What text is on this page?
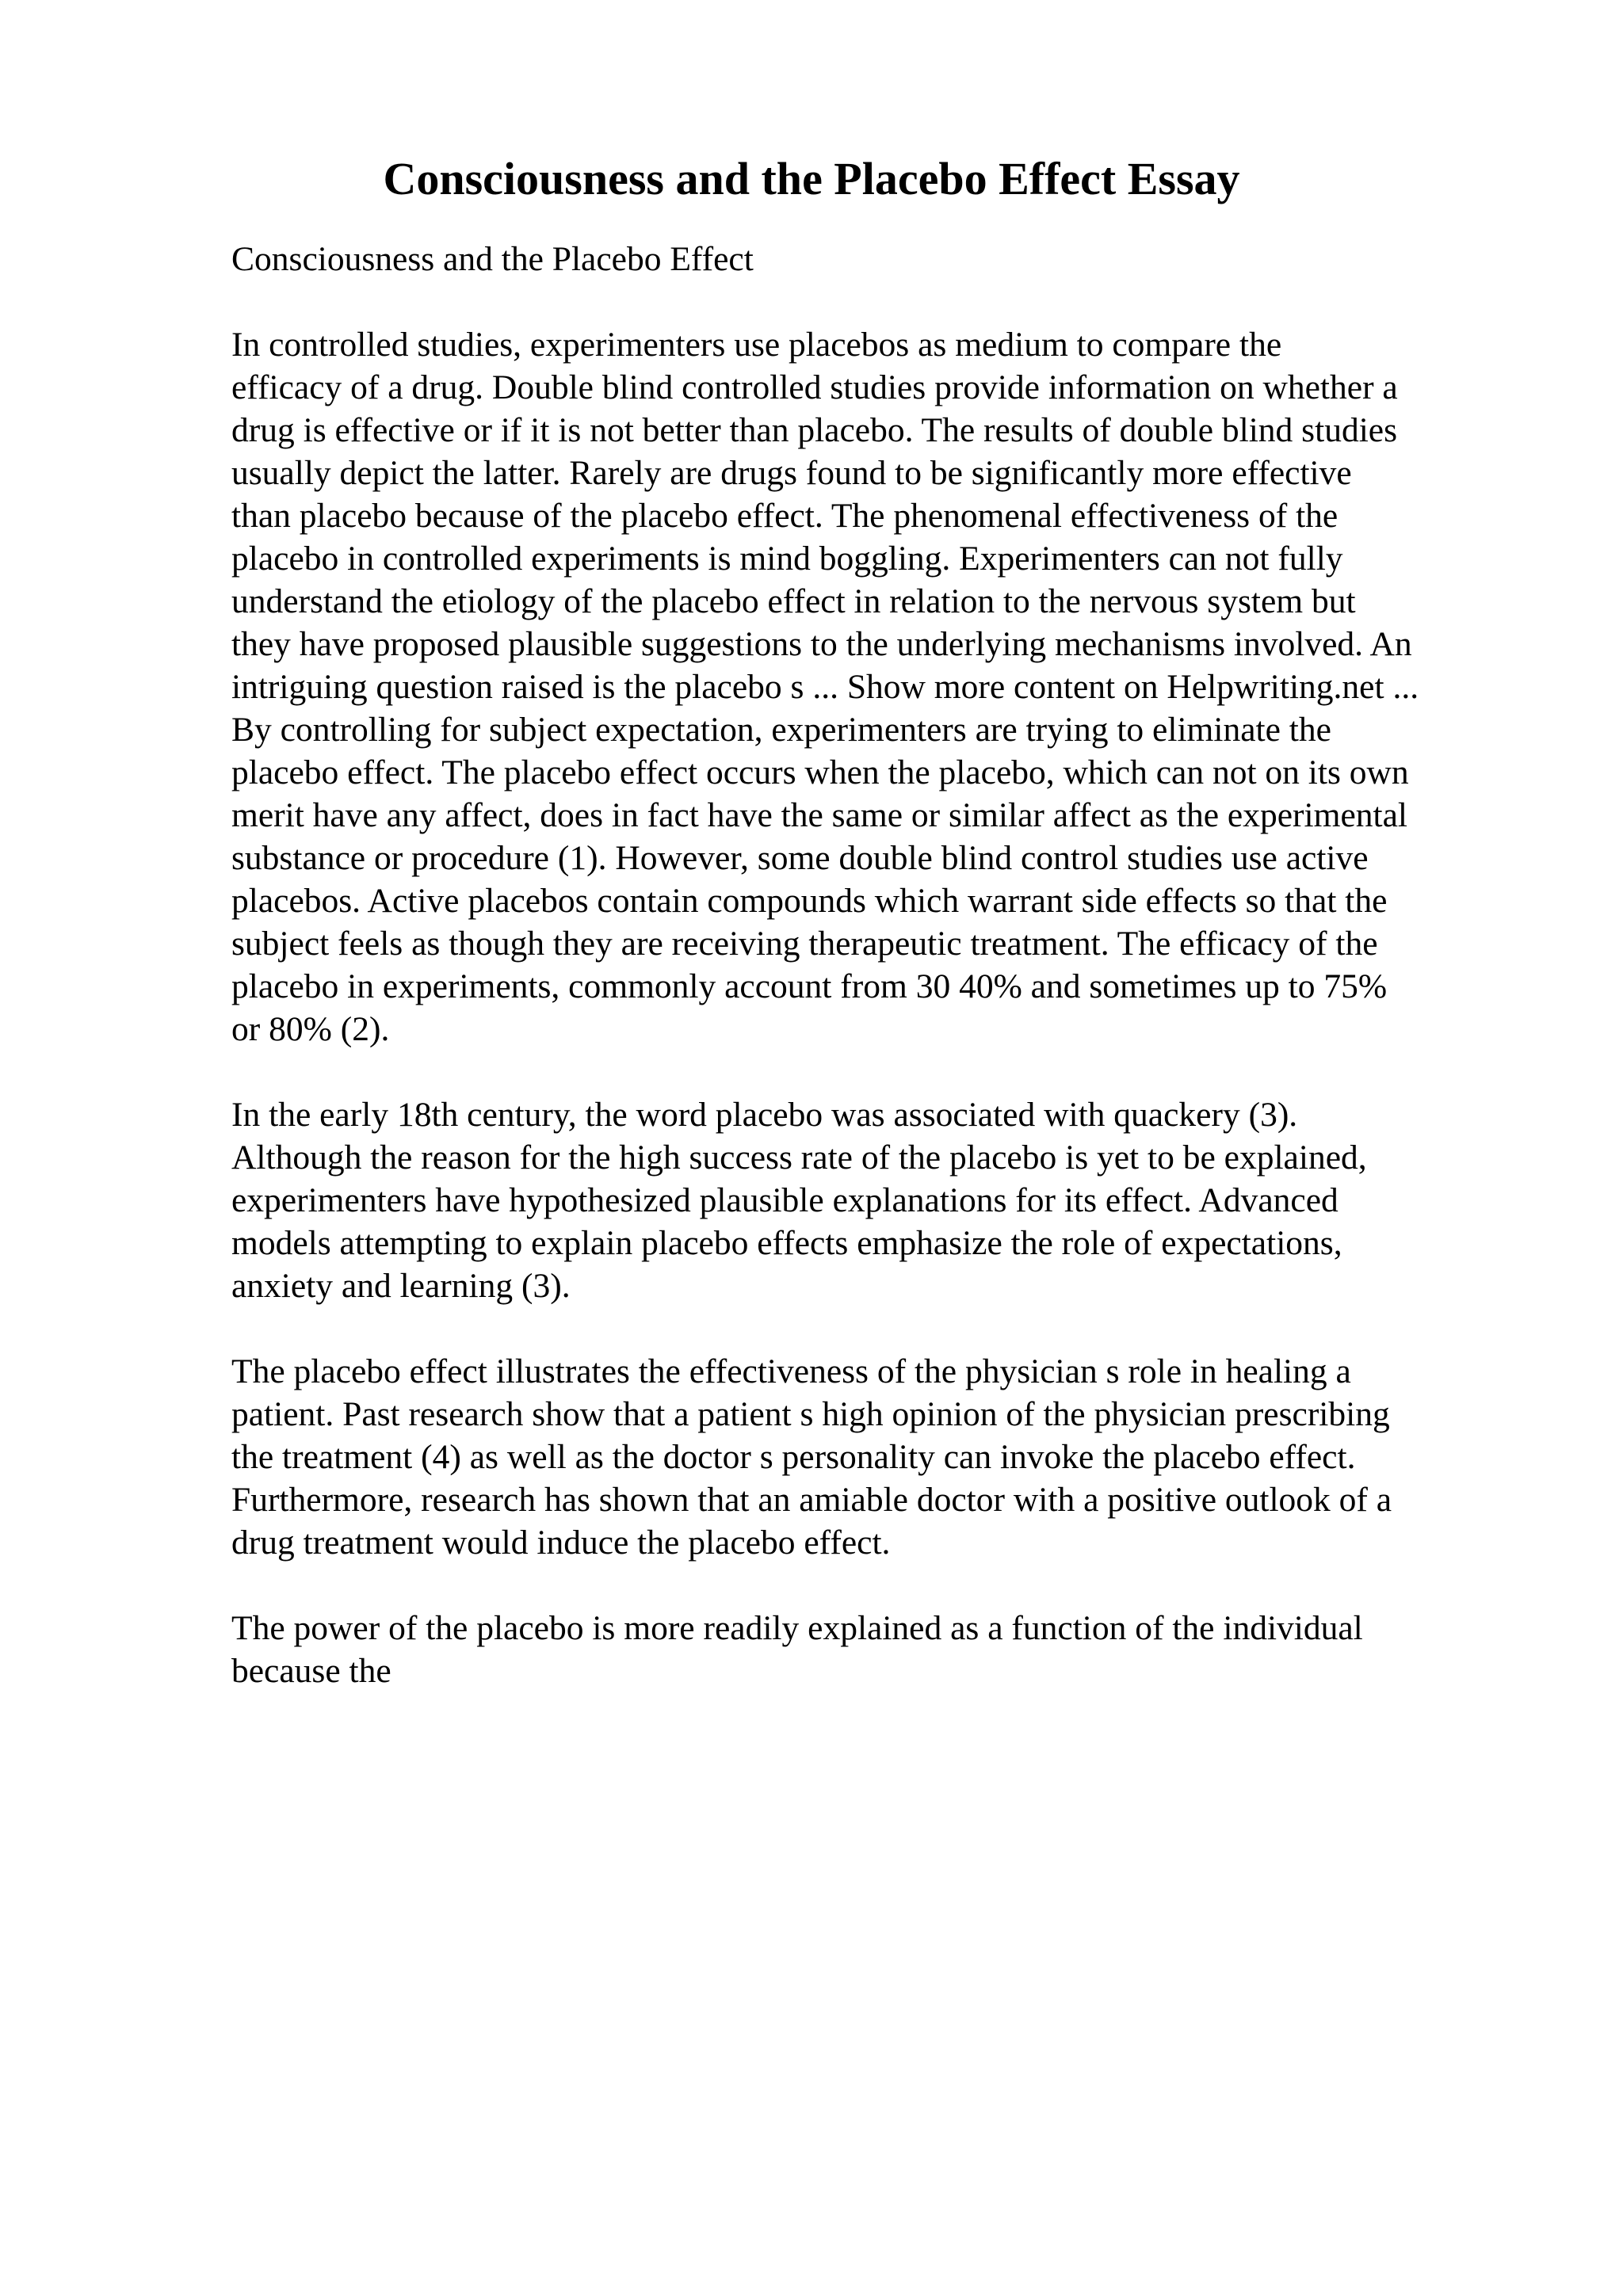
Consciousness and the Placebo Effect Essay

Consciousness and the Placebo Effect

In controlled studies, experimenters use placebos as medium to compare the
efficacy of a drug. Double blind controlled studies provide information on whether a
drug is effective or if it is not better than placebo. The results of double blind studies
usually depict the latter. Rarely are drugs found to be significantly more effective
than placebo because of the placebo effect. The phenomenal effectiveness of the
placebo in controlled experiments is mind boggling. Experimenters can not fully
understand the etiology of the placebo effect in relation to the nervous system but
they have proposed plausible suggestions to the underlying mechanisms involved. An
intriguing question raised is the placebo s ... Show more content on Helpwriting.net ...
By controlling for subject expectation, experimenters are trying to eliminate the
placebo effect. The placebo effect occurs when the placebo, which can not on its own
merit have any affect, does in fact have the same or similar affect as the experimental
substance or procedure (1). However, some double blind control studies use active
placebos. Active placebos contain compounds which warrant side effects so that the
subject feels as though they are receiving therapeutic treatment. The efficacy of the
placebo in experiments, commonly account from 30 40% and sometimes up to 75%
or 80% (2).
In the early 18th century, the word placebo was associated with quackery (3).
Although the reason for the high success rate of the placebo is yet to be explained,
experimenters have hypothesized plausible explanations for its effect. Advanced
models attempting to explain placebo effects emphasize the role of expectations,
anxiety and learning (3).
The placebo effect illustrates the effectiveness of the physician s role in healing a
patient. Past research show that a patient s high opinion of the physician prescribing
the treatment (4) as well as the doctor s personality can invoke the placebo effect.
Furthermore, research has shown that an amiable doctor with a positive outlook of a
drug treatment would induce the placebo effect.
The power of the placebo is more readily explained as a function of the individual
because the
